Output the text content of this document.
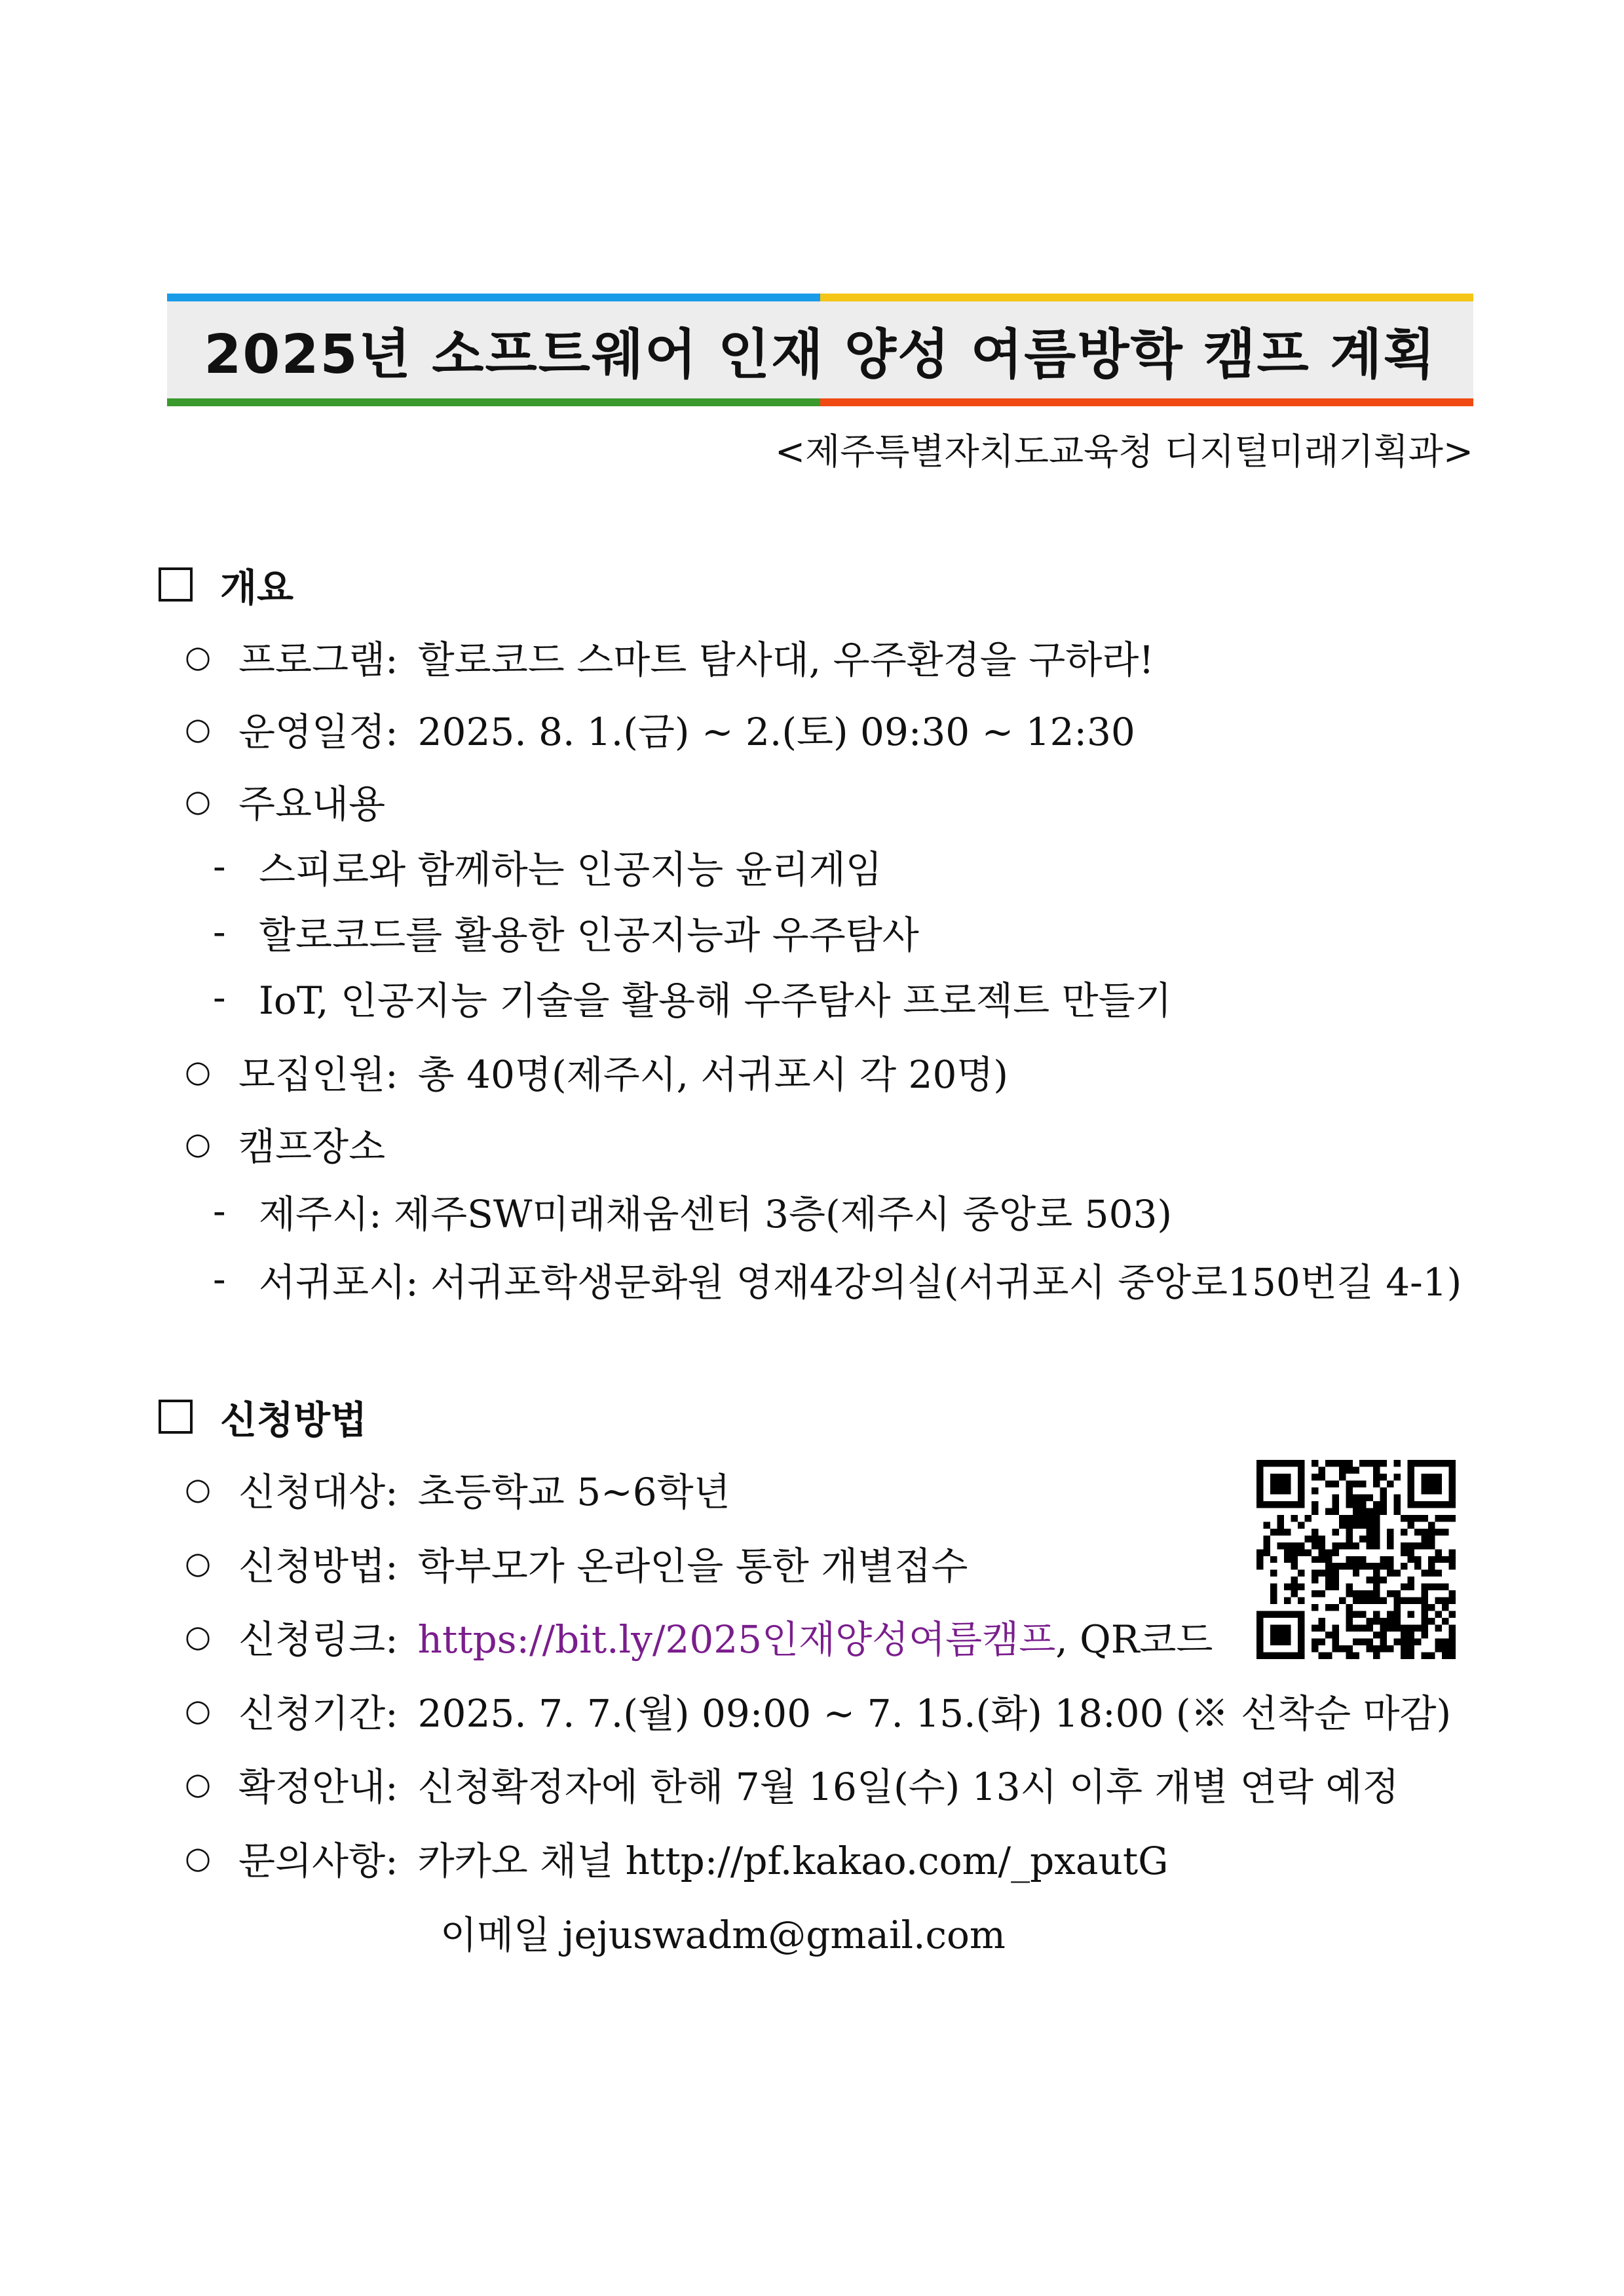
2025년 소프트웨어 인재 양성 여름방학 캠프 계획
<제주특별자치도교육청 디지털미래기획과>
개요
○ 프로그램: 할로코드 스마트 탐사대, 우주환경을 구하라!
○ 운영일정: 2025. 8. 1.(금) ~ 2.(토) 09:30 ~ 12:30
○ 주요내용
- 스피로와 함께하는 인공지능 윤리게임
- 할로코드를 활용한 인공지능과 우주탐사
- IoT, 인공지능 기술을 활용해 우주탐사 프로젝트 만들기
○ 모집인원: 총 40명(제주시, 서귀포시 각 20명)
○ 캠프장소
- 제주시: 제주SW미래채움센터 3층(제주시 중앙로 503)
- 서귀포시: 서귀포학생문화원 영재4강의실(서귀포시 중앙로150번길 4-1)
신청방법
○ 신청대상: 초등학교 5~6학년
○ 신청방법: 학부모가 온라인을 통한 개별접수
○ 신청링크: https://bit.ly/2025인재양성여름캠프 , QR코드
○ 신청기간: 2025. 7. 7.(월) 09:00 ~ 7. 15.(화) 18:00 (※ 선착순 마감)
○ 확정안내: 신청확정자에 한해 7월 16일(수) 13시 이후 개별 연락 예정
○ 문의사항: 카카오 채널 http://pf.kakao.com/_pxautG
이메일 jejuswadm@gmail.com
